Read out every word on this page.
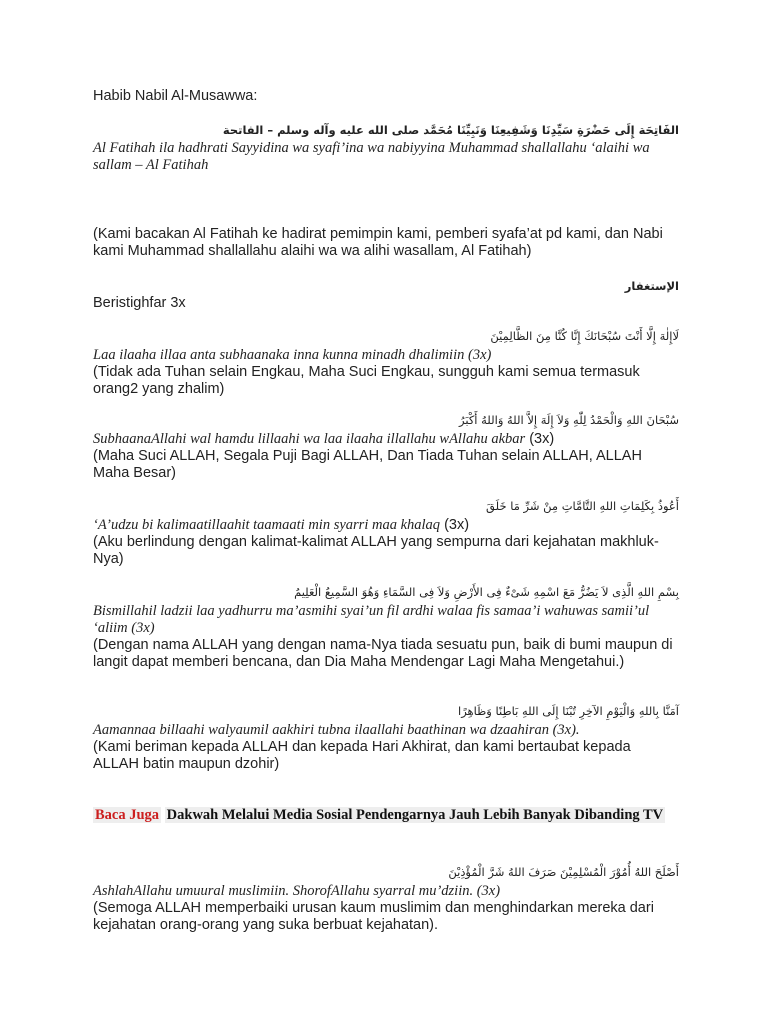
Habib Nabil Al-Musawwa:
الفَاتِحَة إِلَى حَضْرَةِ سَيِّدِنَا وَشَفِيعِنَا وَنَبِيِّنَا مُحَمَّد صلى الله عليه وآله وسلم – الفاتحة
Al Fatihah ila hadhrati Sayyidina wa syafi’ina wa nabiyyina Muhammad shallallahu ‘alaihi wa sallam – Al Fatihah
(Kami bacakan Al Fatihah ke hadirat pemimpin kami, pemberi syafa’at pd kami, dan Nabi kami Muhammad shallallahu alaihi wa wa alihi wasallam, Al Fatihah)
الإستغفار
Beristighfar 3x
لَاإِلٰهَ إِلَّا أَنْتَ سُبْحَانَكَ إِنَّا كُنَّا مِنَ الظَّالِمِيْنَ
Laa ilaaha illaa anta subhaanaka inna kunna minadh dhalimiin (3x)
(Tidak ada Tuhan selain Engkau, Maha Suci Engkau, sungguh kami semua termasuk orang2 yang zhalim)
سُبْحَانَ اللهِ وَالْحَمْدُ لِلّٰهِ وَلاَ إِلَهَ إِلاَّ اللهُ وَاللهُ أَكْبَرُ
SubhaanaAllahi wal hamdu lillaahi wa laa ilaaha illallahu wAllahu akbar (3x)
(Maha Suci ALLAH, Segala Puji Bagi ALLAH, Dan Tiada Tuhan selain ALLAH, ALLAH Maha Besar)
أَعُوذُ بِكَلِمَاتِ اللهِ التَّامَّاتِ مِنْ شَرِّ مَا خَلَقَ
‘A’udzu bi kalimaatillaahit taamaati min syarri maa khalaq (3x)
(Aku berlindung dengan kalimat-kalimat ALLAH yang sempurna dari kejahatan makhluk-Nya)
بِسْمِ اللهِ الَّذِى لاَ يَضُرُّ مَعَ اسْمِهِ شَىْءٌ فِى الأَرْضِ وَلاَ فِى السَّمَاءِ وَهُوَ السَّمِيعُ الْعَلِيمُ
Bismillahil ladzii laa yadhurru ma’asmihi syai’un fil ardhi walaa fis samaa’i wahuwas samii’ul ‘aliim (3x)
(Dengan nama ALLAH yang dengan nama-Nya tiada sesuatu pun, baik di bumi maupun di langit dapat memberi bencana, dan Dia Maha Mendengar Lagi Maha Mengetahui.)
آمَنَّا بِاللهِ وَالْيَوْمِ الآخِرِ تُبْنَا إِلَى اللهِ بَاطِنًا وَظَاهِرًا
Aamannaa billaahi walyaumil aakhiri tubna ilaallahi baathinan wa dzaahiran (3x).
(Kami beriman kepada ALLAH dan kepada Hari Akhirat, dan kami bertaubat kepada ALLAH batin maupun dzohir)
Baca Juga Dakwah Melalui Media Sosial Pendengarnya Jauh Lebih Banyak Dibanding TV
أَصْلَحَ اللهُ أُمُوْرَ الْمُسْلِمِيْنَ صَرَفَ اللهُ شَرَّ الْمُؤْذِيْنَ
AshlahAllahu umuural muslimiin. ShorofAllahu syarral mu’dziin. (3x)
(Semoga ALLAH memperbaiki urusan kaum muslimim dan menghindarkan mereka dari kejahatan orang-orang yang suka berbuat kejahatan).
